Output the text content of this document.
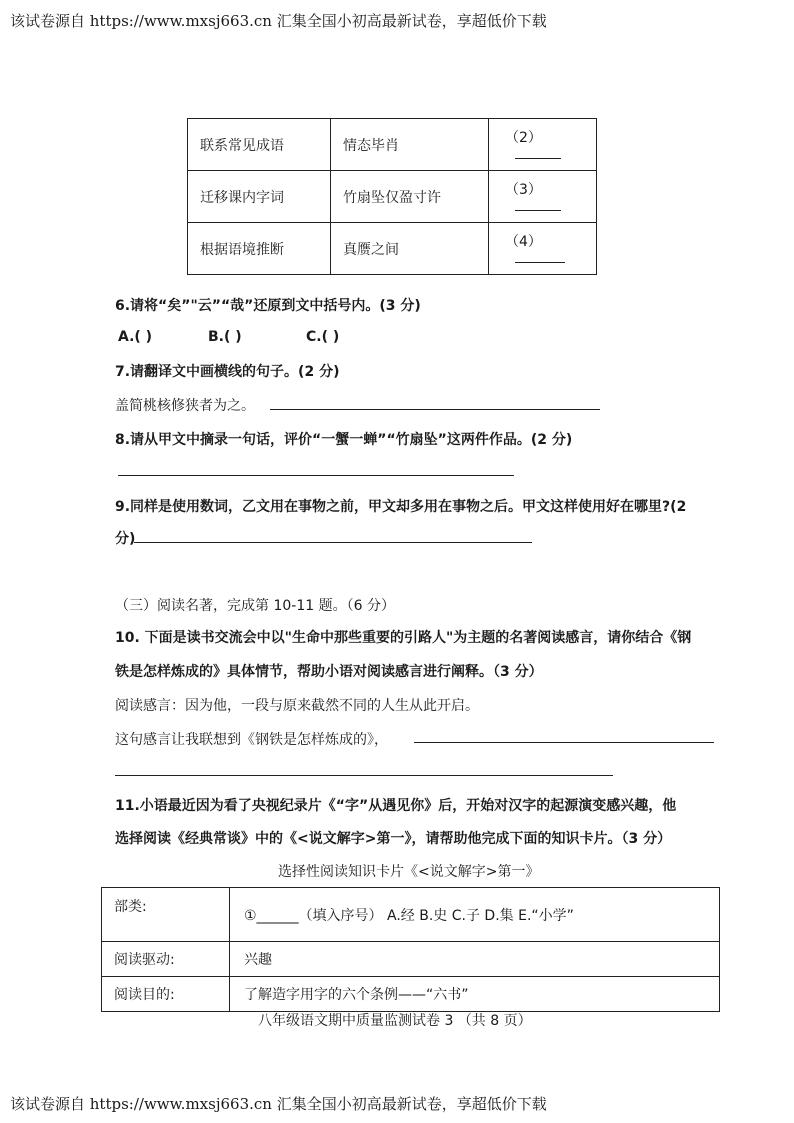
该试卷源自 https://www.mxsj663.cn 汇集全国小初高最新试卷，享超低价下载
联系常见成语	情态毕肖	（2）
迁移课内字词	竹扇坠仅盈寸许	（3）
根据语境推断	真赝之间	（4）
6.请将“矣”"云”“哉”还原到文中括号内。(3 分)
A.( )	B.( )	C.( )
7.请翻译文中画横线的句子。(2 分)
盖简桃核修狭者为之。
8.请从甲文中摘录一句话，评价“一蟹一蝉”“竹扇坠”这两件作品。(2 分)
9.同样是使用数词，乙文用在事物之前，甲文却多用在事物之后。甲文这样使用好在哪里?(2
分)
（三）阅读名著，完成第 10-11 题。（6 分）
10. 下面是读书交流会中以"生命中那些重要的引路人"为主题的名著阅读感言，请你结合《钢
铁是怎样炼成的》具体情节，帮助小语对阅读感言进行阐释。（3 分）
阅读感言：因为他，一段与原来截然不同的人生从此开启。
这句感言让我联想到《钢铁是怎样炼成的》，
11.小语最近因为看了央视纪录片《“字”从遇见你》后，开始对汉字的起源演变感兴趣，他
选择阅读《经典常谈》中的《<说文解字>第一》，请帮助他完成下面的知识卡片。（3 分）
选择性阅读知识卡片《<说文解字>第一》
部类:	①______（填入序号） A.经 B.史 C.子 D.集 E.“小学”
阅读驱动:	兴趣
阅读目的:	了解造字用字的六个条例——“六书”
八年级语文期中质量监测试卷 3 （共 8 页）
该试卷源自 https://www.mxsj663.cn 汇集全国小初高最新试卷，享超低价下载
